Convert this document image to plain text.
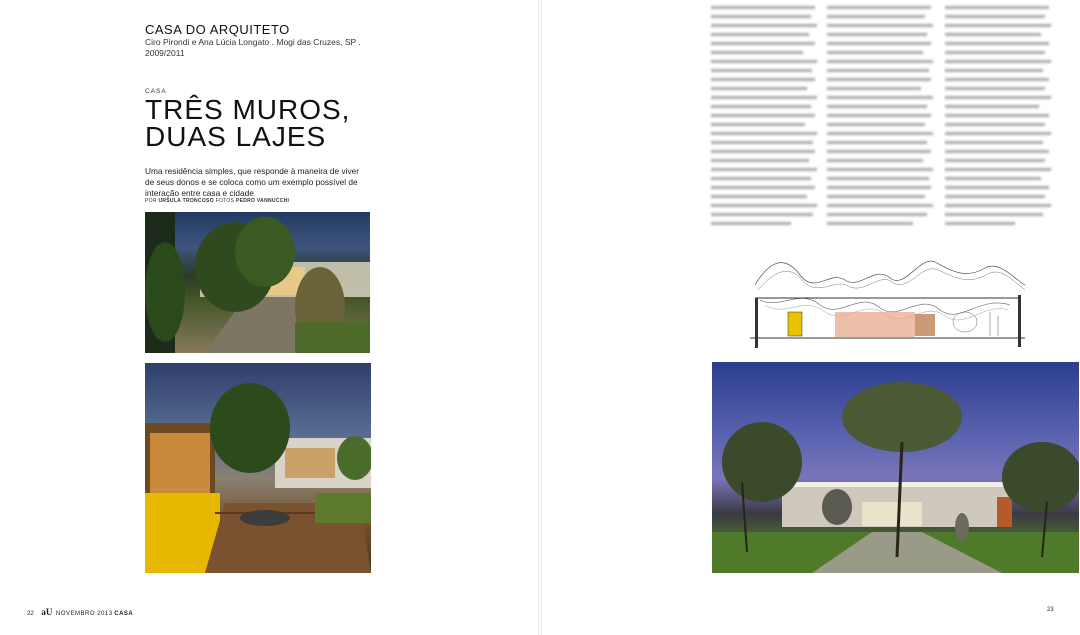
CASA DO ARQUITETO
Ciro Pirondi e Ana Lúcia Longato . Mogi das Cruzes, SP . 2009/2011
CASA
TRÊS MUROS,
DUAS LAJES
Uma residência simples, que responde à maneira de viver de seus donos e se coloca como um exemplo possível de interação entre casa e cidade
POR URSULA TRONCOSO FOTOS PEDRO VANNUCCHI
22 aU NOVEMBRO 2013 CASA
23
